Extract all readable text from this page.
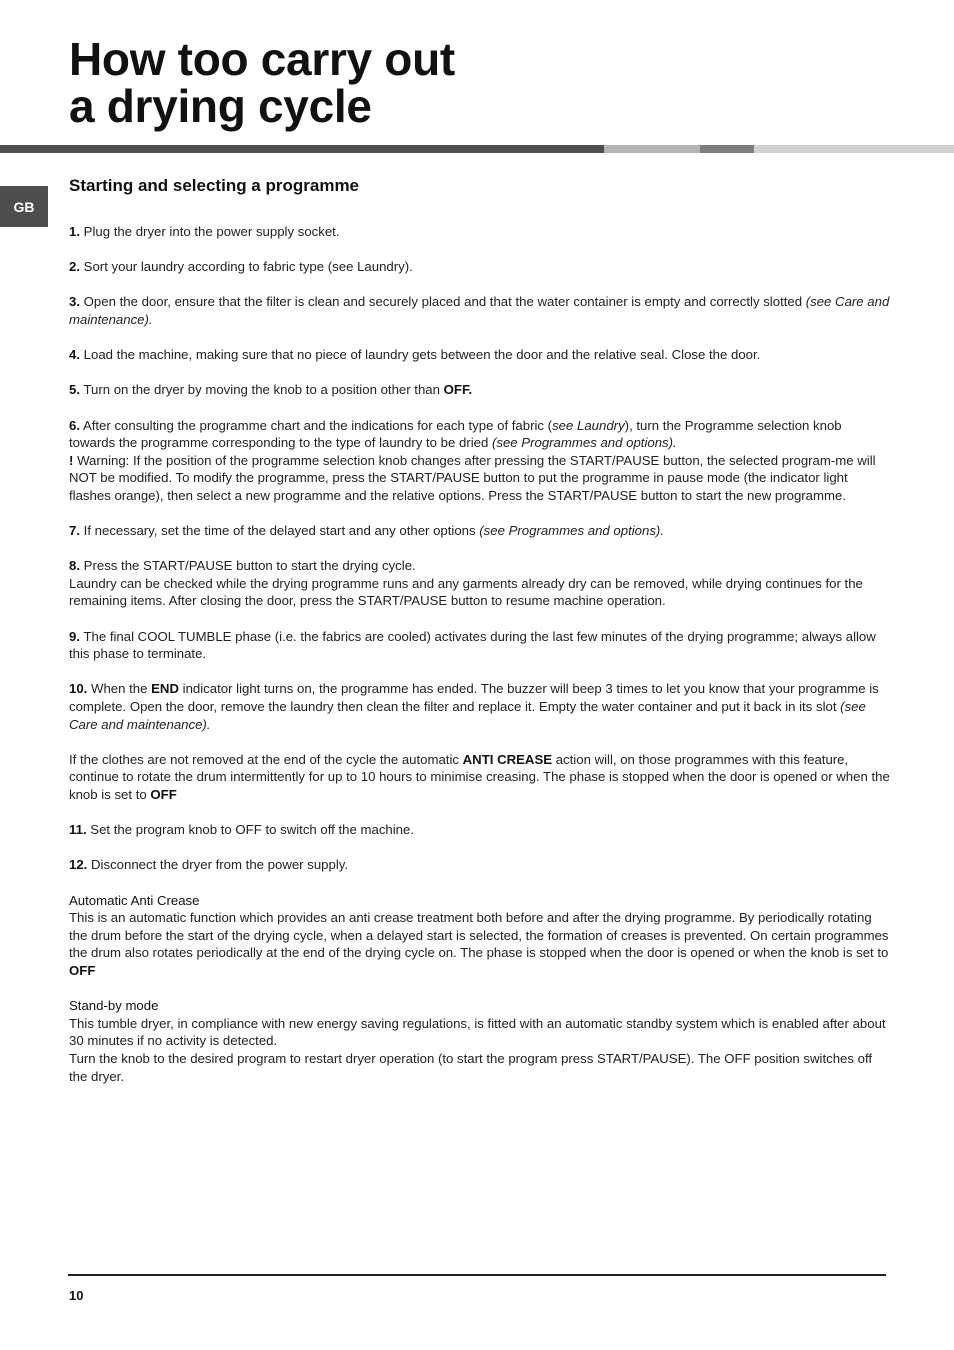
How too carry out
a drying cycle
GB
Starting and selecting a programme

1. Plug the dryer into the power supply socket.

2. Sort your laundry according to fabric type (see Laundry).

3. Open the door, ensure that the filter is clean and securely placed and that the water container is empty and correctly slotted (see Care and maintenance).

4. Load the machine, making sure that no piece of laundry gets between the door and the relative seal. Close the door.

5. Turn on the dryer by moving the knob to a position other than OFF.

6. After consulting the programme chart and the indications for each type of fabric (see Laundry), turn the Programme selection knob towards the programme corresponding to the type of laundry to be dried (see Programmes and options).
! Warning: If the position of the programme selection knob changes after pressing the START/PAUSE button, the selected program-me will NOT be modified. To modify the programme, press the START/PAUSE button to put the programme in pause mode (the indicator light flashes orange), then select a new programme and the relative options. Press the START/PAUSE button to start the new programme.

7. If necessary, set the time of the delayed start and any other options (see Programmes and options).

8. Press the START/PAUSE button to start the drying cycle.
Laundry can be checked while the drying programme runs and any garments already dry can be removed, while drying continues for the remaining items. After closing the door, press the START/PAUSE button to resume machine operation.

9. The final COOL TUMBLE phase (i.e. the fabrics are cooled) activates during the last few minutes of the drying programme; always allow this phase to terminate.

10. When the END indicator light turns on, the programme has ended. The buzzer will beep 3 times to let you know that your programme is complete. Open the door, remove the laundry then clean the filter and replace it. Empty the water container and put it back in its slot (see Care and maintenance).

If the clothes are not removed at the end of the cycle the automatic ANTI CREASE action will, on those programmes with this feature, continue to rotate the drum intermittently for up to 10 hours to minimise creasing. The phase is stopped when the door is opened or when the knob is set to OFF

11. Set the program knob to OFF to switch off the machine.

12. Disconnect the dryer from the power supply.

Automatic Anti Crease
This is an automatic function which provides an anti crease treatment both before and after the drying programme. By periodically rotating the drum before the start of the drying cycle, when a delayed start is selected, the formation of creases is prevented. On certain programmes the drum also rotates periodically at the end of the drying cycle on. The phase is stopped when the door is opened or when the knob is set to OFF

Stand-by mode
This tumble dryer, in compliance with new energy saving regulations, is fitted with an automatic standby system which is enabled after about 30 minutes if no activity is detected.
Turn the knob to the desired program to restart dryer operation (to start the program press START/PAUSE). The OFF position switches off the dryer.

10
